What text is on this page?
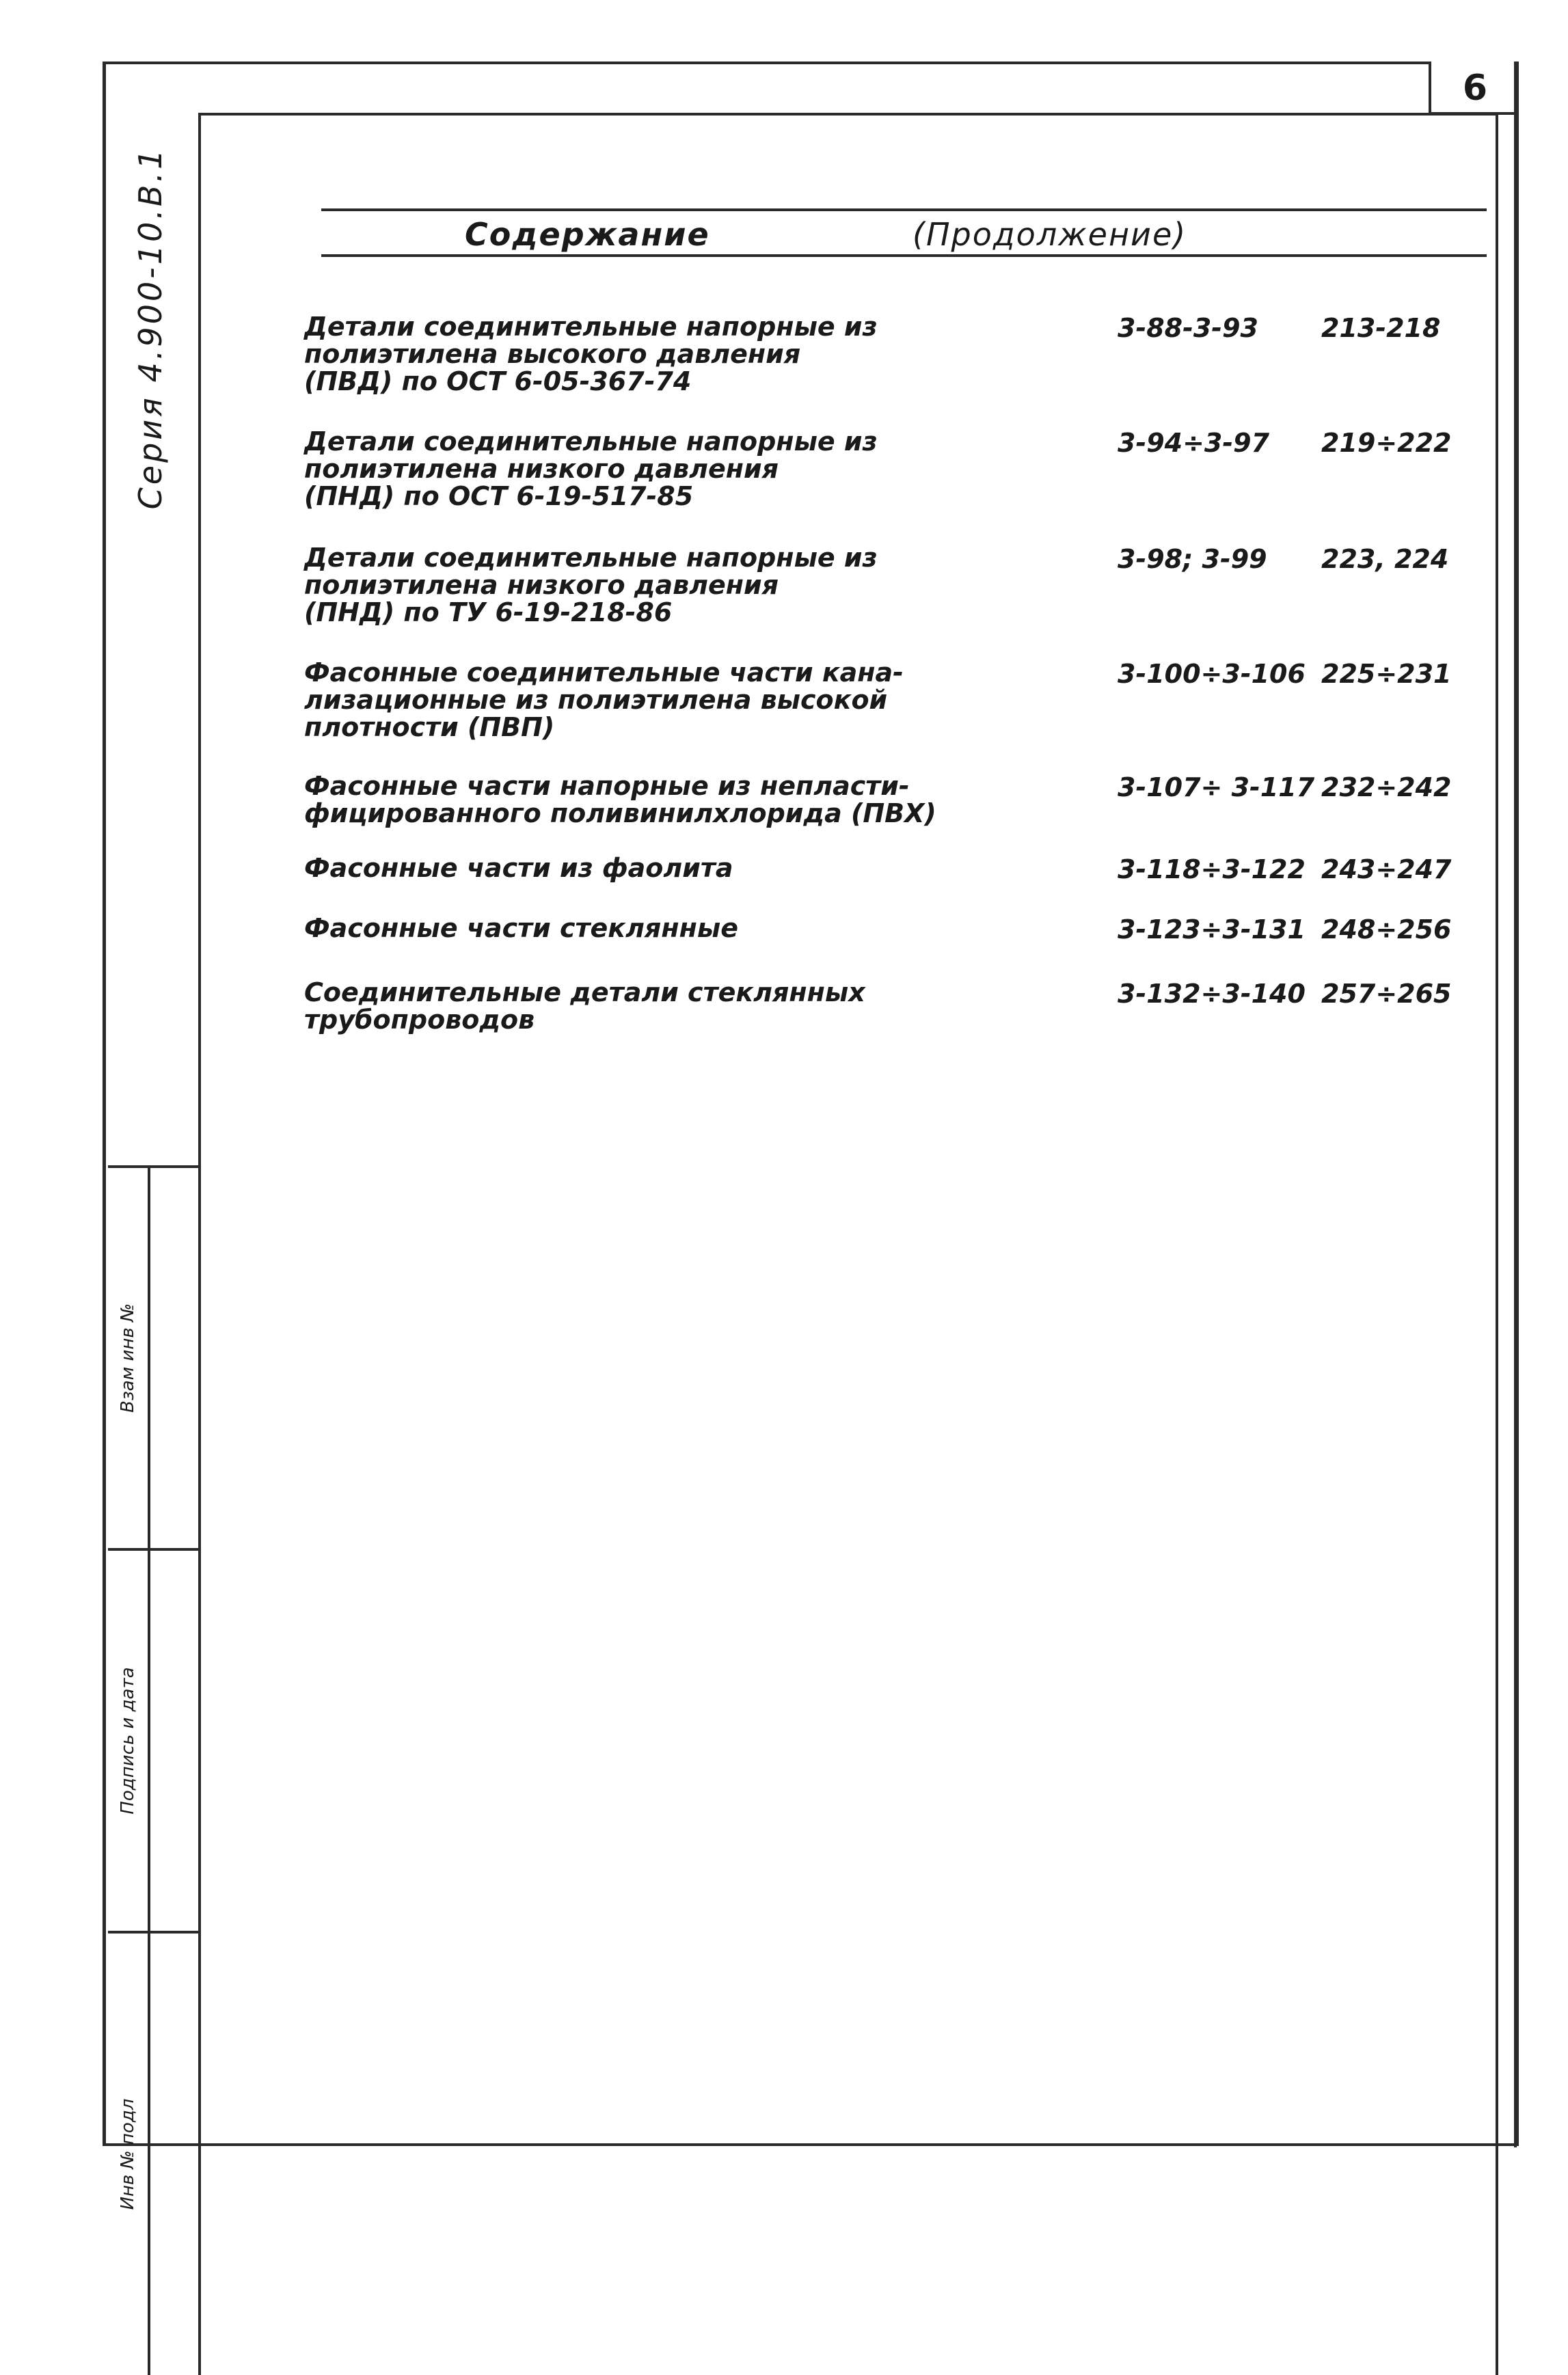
6
Серия 4.900-10.В.1
Взам инв №
Подпись и дата
Инв № подл
Содержание	(Продолжение)
Детали соединительные напорные из
полиэтилена высокого давления
(ПВД) по ОСТ 6-05-367-74
3-88-3-93 213-218
Детали соединительные напорные из
полиэтилена низкого давления
(ПНД) по ОСТ 6-19-517-85
3-94÷3-97 219÷222
Детали соединительные напорные из
полиэтилена низкого давления
(ПНД) по ТУ 6-19-218-86
3-98; 3-99 223, 224
Фасонные соединительные части кана-
лизационные из полиэтилена высокой
плотности (ПВП)
3-100÷3-106 225÷231
Фасонные части напорные из непласти-
фицированного поливинилхлорида (ПВХ)
3-107÷ 3-117 232÷242
Фасонные части из фаолита	3-118÷3-122 243÷247
Фасонные части стеклянные	3-123÷3-131 248÷256
Соединительные детали стеклянных
трубопроводов
3-132÷3-140 257÷265
